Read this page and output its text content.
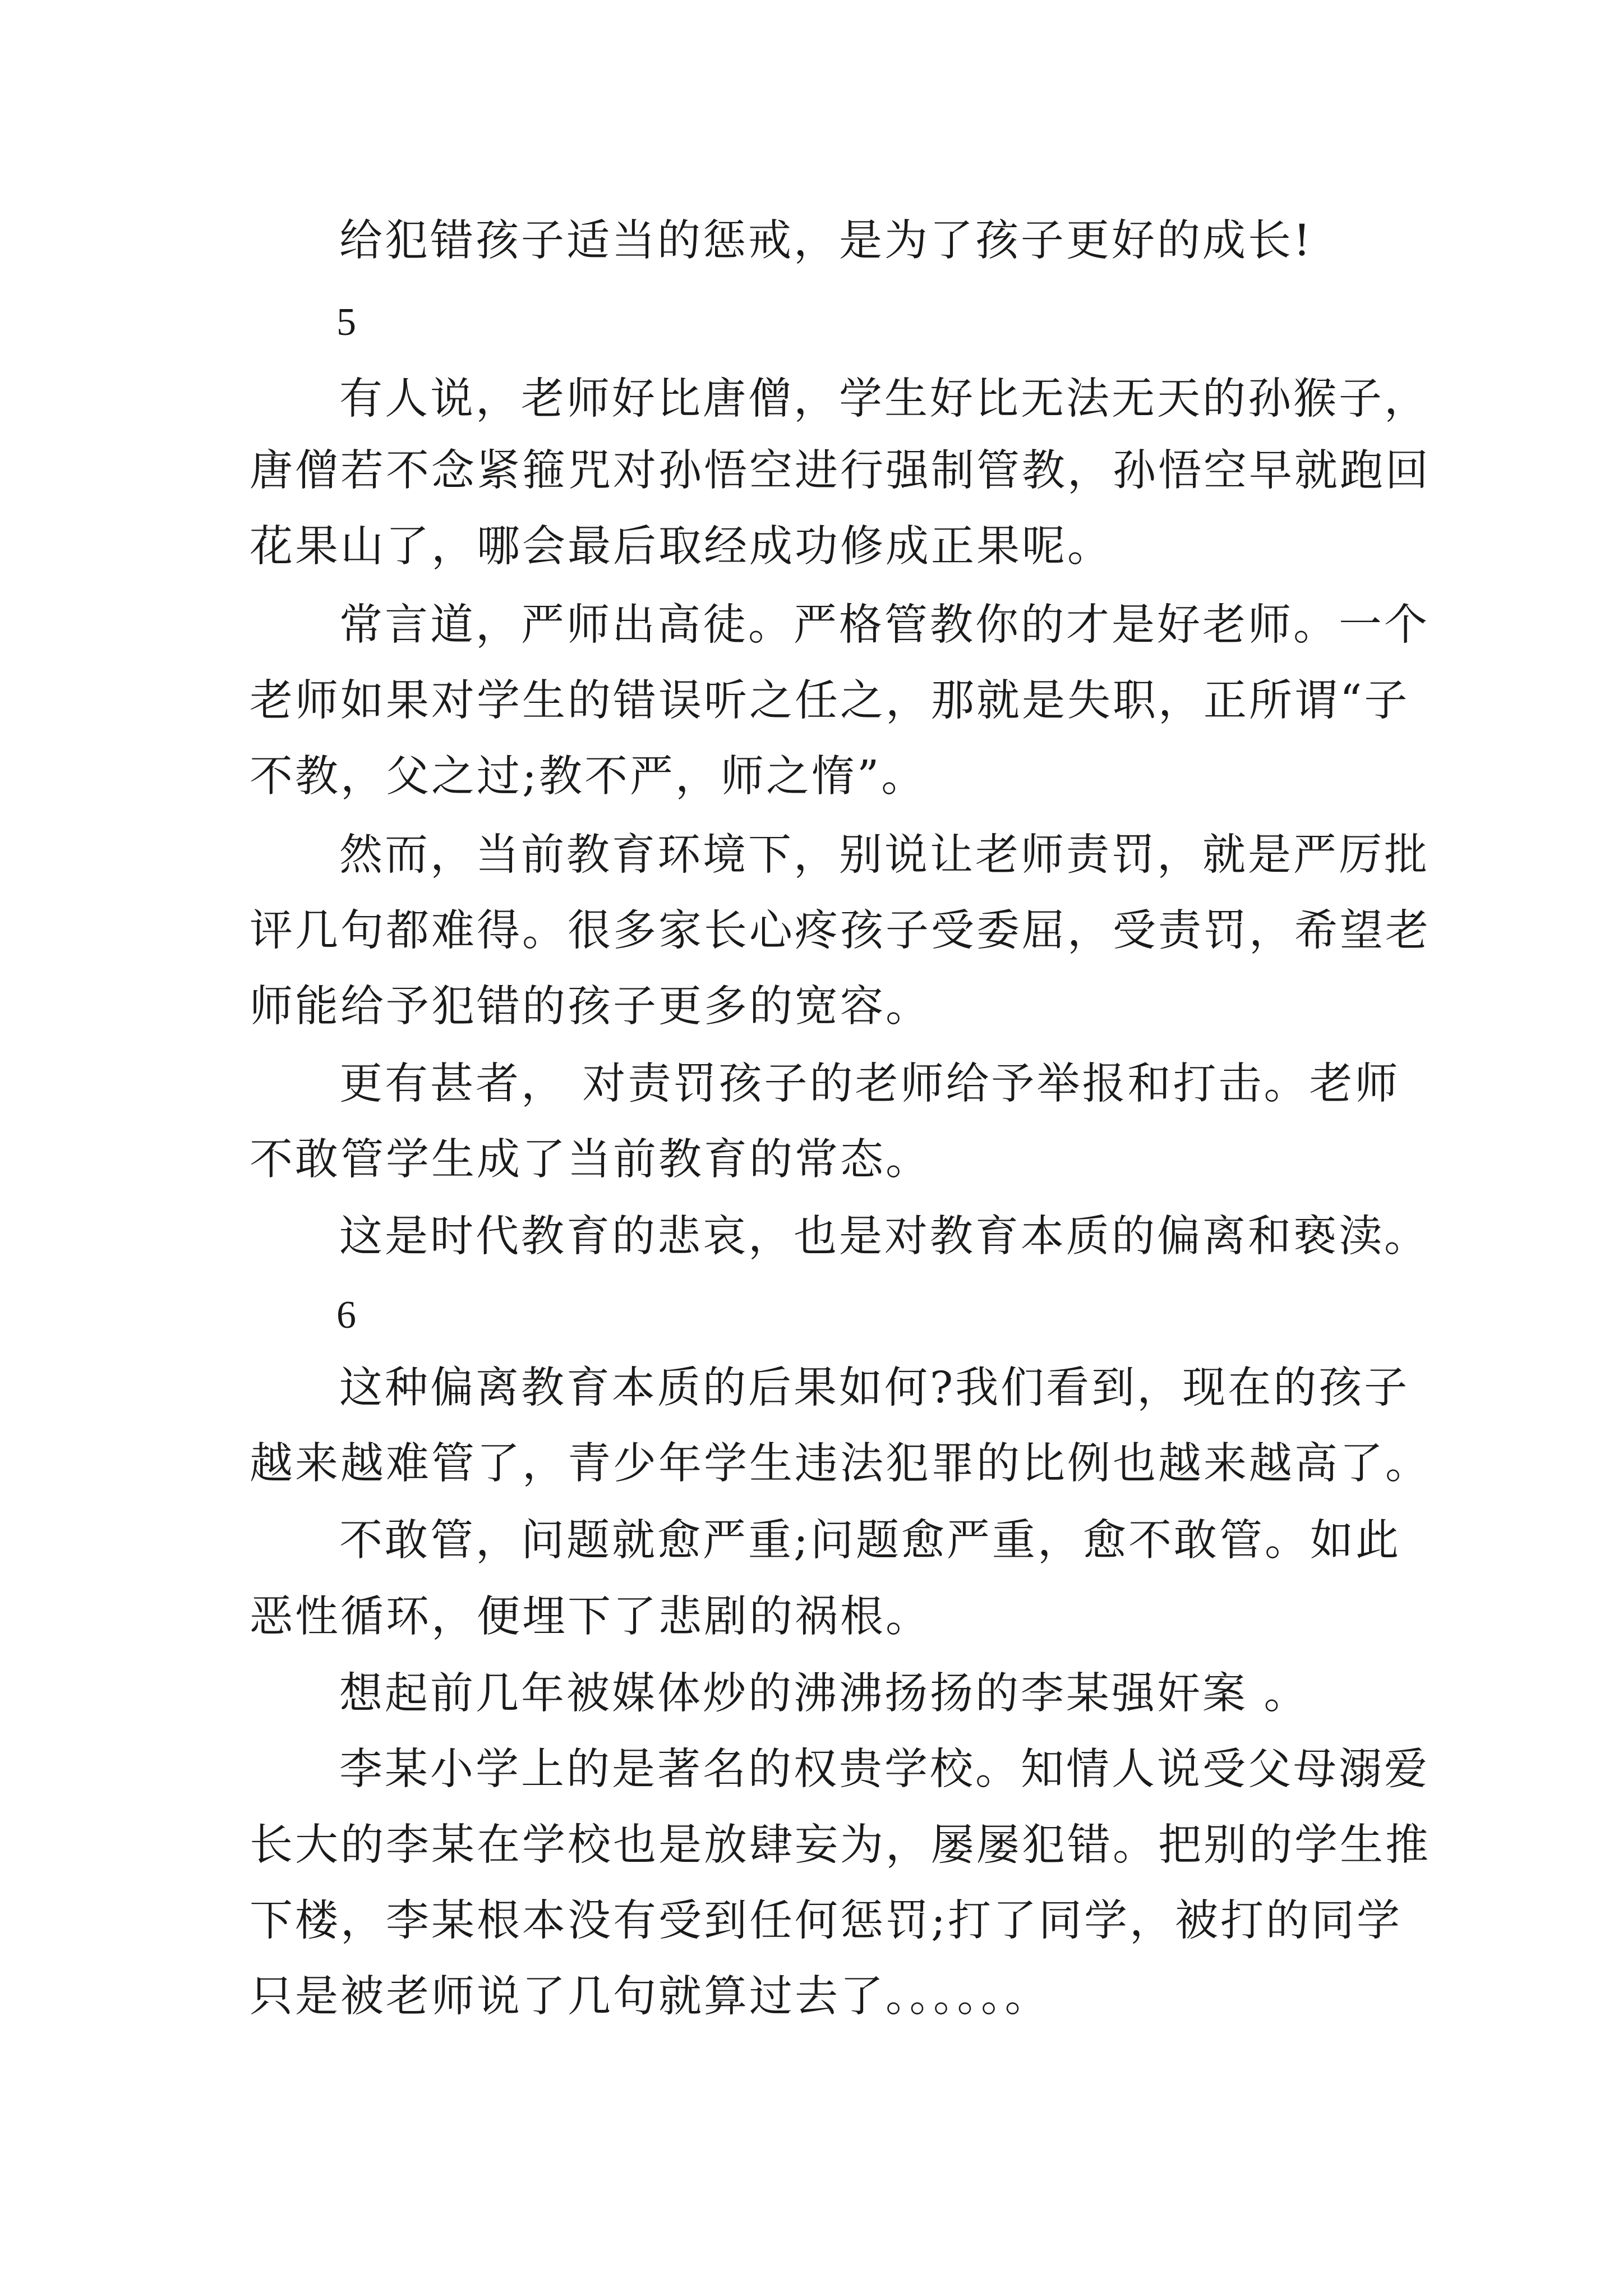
给犯错孩子适当的惩戒，是为了孩子更好的成长!
5
有人说，老师好比唐僧，学生好比无法无天的孙猴子，
唐僧若不念紧箍咒对孙悟空进行强制管教，孙悟空早就跑回
花果山了，哪会最后取经成功修成正果呢。
常言道，严师出高徒。严格管教你的才是好老师。一个
老师如果对学生的错误听之任之，那就是失职，正所谓“子
不教，父之过;教不严，师之惰”。
然而，当前教育环境下，别说让老师责罚，就是严厉批
评几句都难得。很多家长心疼孩子受委屈，受责罚，希望老
师能给予犯错的孩子更多的宽容。
更有甚者， 对责罚孩子的老师给予举报和打击。老师
不敢管学生成了当前教育的常态。
这是时代教育的悲哀，也是对教育本质的偏离和亵渎。
6
这种偏离教育本质的后果如何?我们看到，现在的孩子
越来越难管了，青少年学生违法犯罪的比例也越来越高了。
不敢管，问题就愈严重;问题愈严重，愈不敢管。如此
恶性循环，便埋下了悲剧的祸根。
想起前几年被媒体炒的沸沸扬扬的李某强奸案 。
李某小学上的是著名的权贵学校。知情人说受父母溺爱
长大的李某在学校也是放肆妄为，屡屡犯错。把别的学生推
下楼，李某根本没有受到任何惩罚;打了同学，被打的同学
只是被老师说了几句就算过去了。。。。。。
